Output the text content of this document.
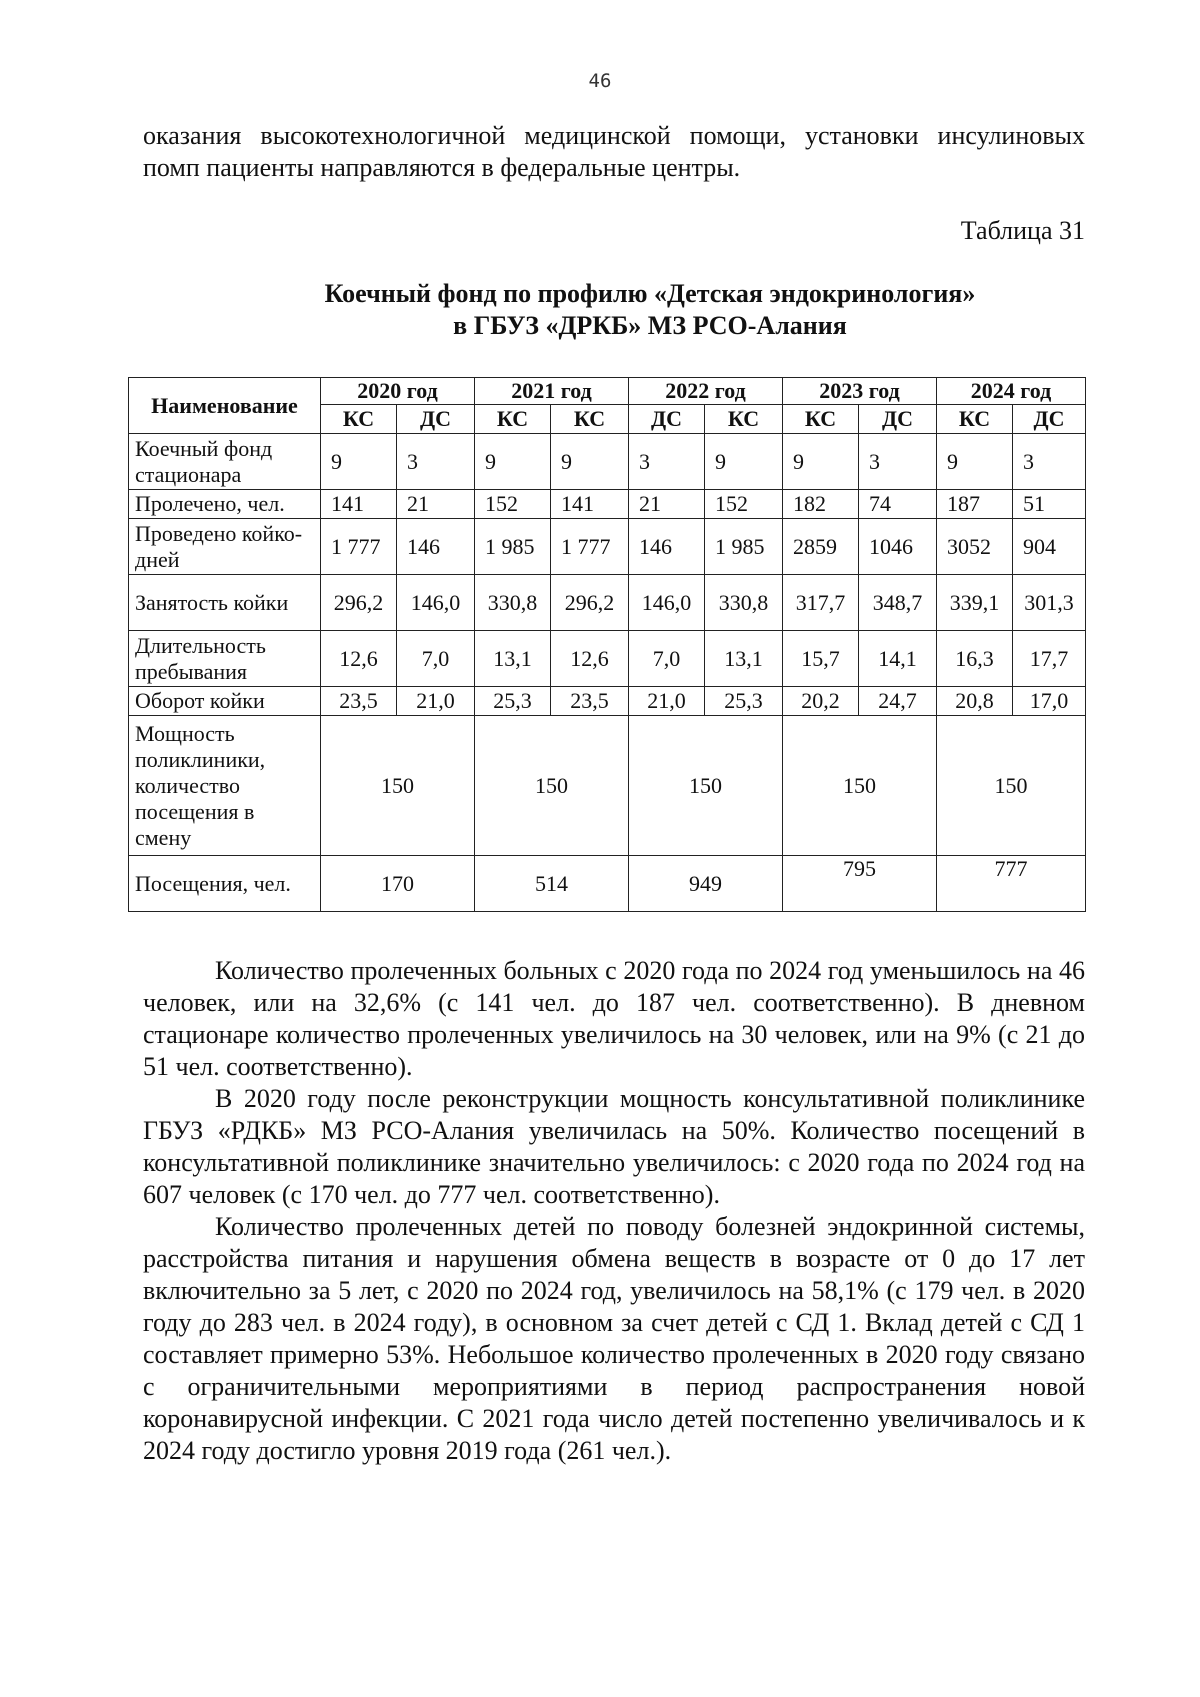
46

оказания высокотехнологичной медицинской помощи, установки инсулиновых помп пациенты направляются в федеральные центры.

Таблица 31

Коечный фонд по профилю «Детская эндокринология»
в ГБУЗ «ДРКБ» МЗ РСО-Алания
Наименование	2020 год		2021 год		2022 год		2023 год		2024 год	
	КС	ДС	КС	КС	ДС	КС	КС	ДС	КС	ДС
Коечный фонд стационара	9	3	9	9	3	9	9	3	9	3
Пролечено, чел.	141	21	152	141	21	152	182	74	187	51
Проведено койко-дней	1 777	146	1 985	1 777	146	1 985	2859	1046	3052	904
Занятость койки	296,2	146,0	330,8	296,2	146,0	330,8	317,7	348,7	339,1	301,3
Длительность пребывания	12,6	7,0	13,1	12,6	7,0	13,1	15,7	14,1	16,3	17,7
Оборот койки	23,5	21,0	25,3	23,5	21,0	25,3	20,2	24,7	20,8	17,0
Мощность поликлиники, количество посещения в смену	150		150		150		150		150	
Посещения, чел.	170		514		949		795		777	

Количество пролеченных больных с 2020 года по 2024 год уменьшилось на 46 человек, или на 32,6% (с 141 чел. до 187 чел. соответственно). В дневном стационаре количество пролеченных увеличилось на 30 человек, или на 9% (с 21 до 51 чел. соответственно).

В 2020 году после реконструкции мощность консультативной поликлинике ГБУЗ «РДКБ» МЗ РСО-Алания увеличилась на 50%. Количество посещений в консультативной поликлинике значительно увеличилось: с 2020 года по 2024 год на 607 человек (с 170 чел. до 777 чел. соответственно).

Количество пролеченных детей по поводу болезней эндокринной системы, расстройства питания и нарушения обмена веществ в возрасте от 0 до 17 лет включительно за 5 лет, с 2020 по 2024 год, увеличилось на 58,1% (с 179 чел. в 2020 году до 283 чел. в 2024 году), в основном за счет детей с СД 1. Вклад детей с СД 1 составляет примерно 53%. Небольшое количество пролеченных в 2020 году связано с ограничительными мероприятиями в период распространения новой коронавирусной инфекции. С 2021 года число детей постепенно увеличивалось и к 2024 году достигло уровня 2019 года (261 чел.).
